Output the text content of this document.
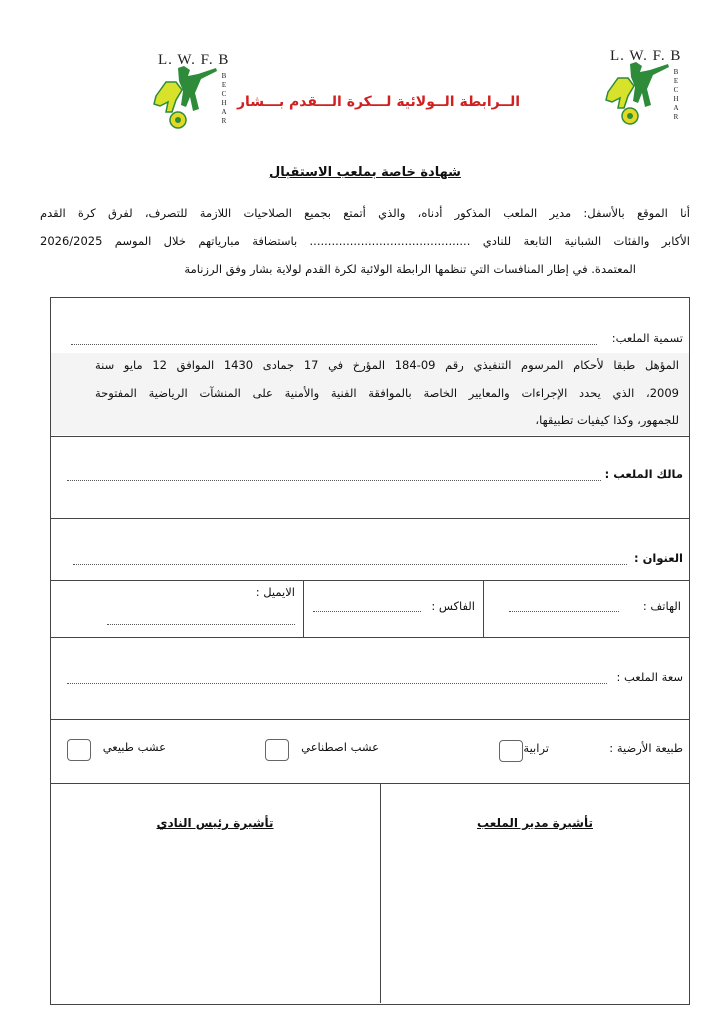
L. W. F. B
BECHAR
L. W. F. B
BECHAR
الــرابطة الــولائية لـــكرة الـــقدم بـــشار
شهادة خاصة بملعب الاستقبال
أنا الموقع بالأسفل: مدير الملعب المذكور أدناه، والذي أتمتع بجميع الصلاحيات اللازمة للتصرف، لفرق كرة القدم
الأكابر والفئات الشبانية التابعة للنادي ............................................ باستضافة مبارياتهم خلال الموسم 2026/2025
المعتمدة. في إطار المنافسات التي تنظمها الرابطة الولائية لكرة القدم لولاية بشار وفق الرزنامة
تسمية الملعب:
المؤهل طبقا لأحكام المرسوم التنفيذي رقم 09-184 المؤرخ في 17 جمادى 1430 الموافق 12 مايو سنة
2009، الذي يحدد الإجراءات والمعايير الخاصة بالموافقة الفنية والأمنية على المنشآت الرياضية المفتوحة
للجمهور، وكذا كيفيات تطبيقها،
مالك الملعب :
العنوان :
الهاتف :
الفاكس :
الايميل :
سعة الملعب :
طبيعة الأرضية :
ترابية
عشب اصطناعي
عشب طبيعي
تأشيرة مدير الملعب
تأشيرة رئيس النادي
